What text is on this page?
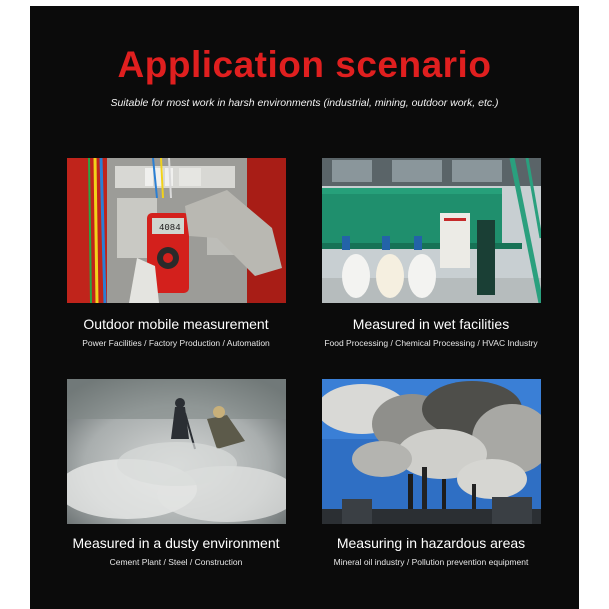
Application scenario
Suitable for most work in harsh environments (industrial, mining, outdoor work, etc.)
4084
Outdoor mobile measurement
Power Facilities / Factory Production / Automation
Measured in wet facilities
Food Processing / Chemical Processing / HVAC Industry
Measured in a dusty environment
Cement Plant / Steel / Construction
Measuring in hazardous areas
Mineral oil industry / Pollution prevention equipment
